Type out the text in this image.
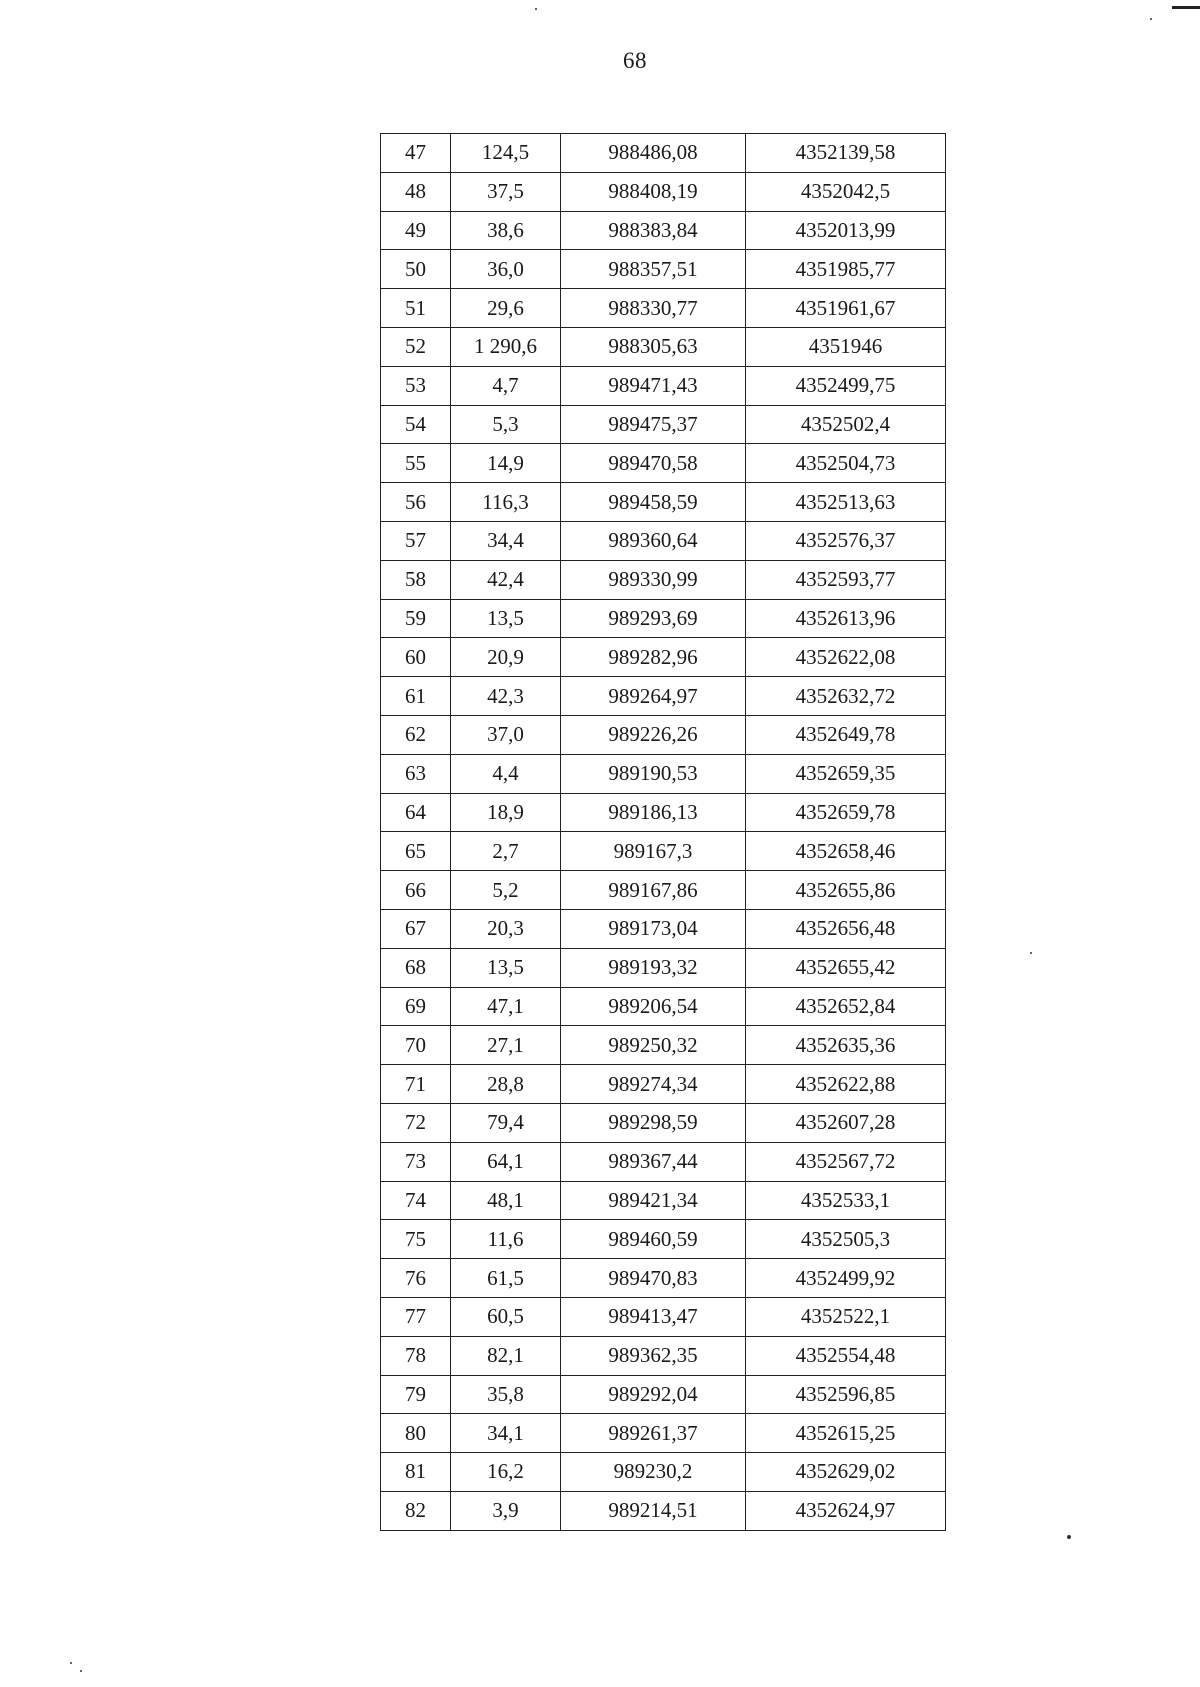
68
47	124,5	988486,08	4352139,58
48	37,5	988408,19	4352042,5
49	38,6	988383,84	4352013,99
50	36,0	988357,51	4351985,77
51	29,6	988330,77	4351961,67
52	1 290,6	988305,63	4351946
53	4,7	989471,43	4352499,75
54	5,3	989475,37	4352502,4
55	14,9	989470,58	4352504,73
56	116,3	989458,59	4352513,63
57	34,4	989360,64	4352576,37
58	42,4	989330,99	4352593,77
59	13,5	989293,69	4352613,96
60	20,9	989282,96	4352622,08
61	42,3	989264,97	4352632,72
62	37,0	989226,26	4352649,78
63	4,4	989190,53	4352659,35
64	18,9	989186,13	4352659,78
65	2,7	989167,3	4352658,46
66	5,2	989167,86	4352655,86
67	20,3	989173,04	4352656,48
68	13,5	989193,32	4352655,42
69	47,1	989206,54	4352652,84
70	27,1	989250,32	4352635,36
71	28,8	989274,34	4352622,88
72	79,4	989298,59	4352607,28
73	64,1	989367,44	4352567,72
74	48,1	989421,34	4352533,1
75	11,6	989460,59	4352505,3
76	61,5	989470,83	4352499,92
77	60,5	989413,47	4352522,1
78	82,1	989362,35	4352554,48
79	35,8	989292,04	4352596,85
80	34,1	989261,37	4352615,25
81	16,2	989230,2	4352629,02
82	3,9	989214,51	4352624,97
